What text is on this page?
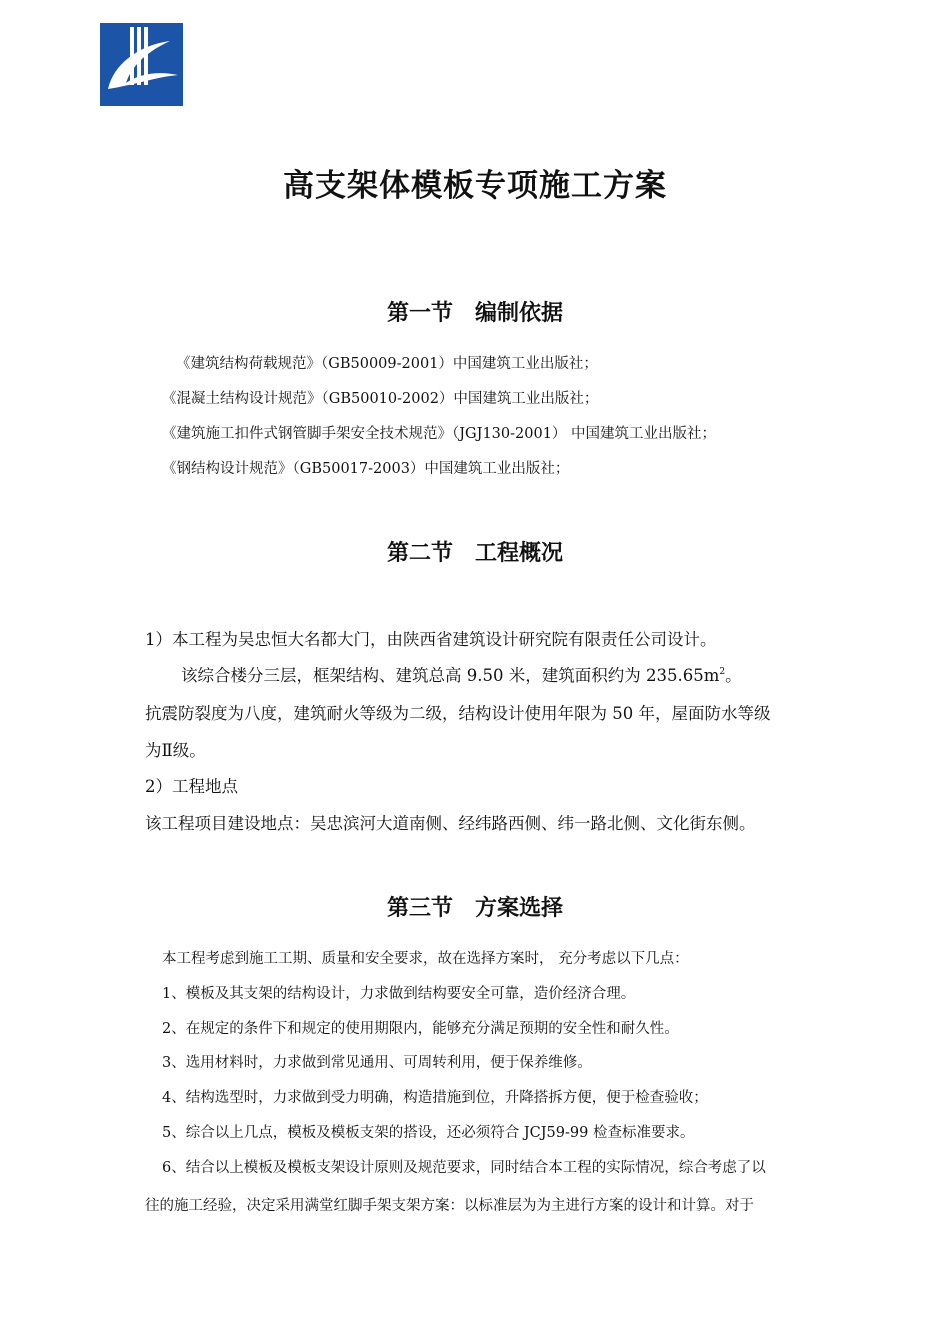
高支架体模板专项施工方案
第一节　编制依据
《建筑结构荷载规范》（GB50009-2001）中国建筑工业出版社；
《混凝土结构设计规范》（GB50010-2002）中国建筑工业出版社；
《建筑施工扣件式钢管脚手架安全技术规范》（JGJ130-2001） 中国建筑工业出版社；
《钢结构设计规范》（GB50017-2003）中国建筑工业出版社；
第二节　工程概况
1）本工程为吴忠恒大名都大门，由陕西省建筑设计研究院有限责任公司设计。
该综合楼分三层，框架结构、建筑总高 9.50 米，建筑面积约为 $235.65m^2$。
抗震防裂度为八度，建筑耐火等级为二级，结构设计使用年限为 50 年，屋面防水等级
为Ⅱ级。
2）工程地点
该工程项目建设地点：吴忠滨河大道南侧、经纬路西侧、纬一路北侧、文化街东侧。
第三节　方案选择
本工程考虑到施工工期、质量和安全要求，故在选择方案时， 充分考虑以下几点：
1、模板及其支架的结构设计，力求做到结构要安全可靠，造价经济合理。
2、在规定的条件下和规定的使用期限内，能够充分满足预期的安全性和耐久性。
3、选用材料时，力求做到常见通用、可周转利用，便于保养维修。
4、结构选型时，力求做到受力明确，构造措施到位，升降搭拆方便，便于检查验收；
5、综合以上几点，模板及模板支架的搭设，还必须符合 JCJ59-99 检查标准要求。
6、结合以上模板及模板支架设计原则及规范要求，同时结合本工程的实际情况，综合考虑了以
往的施工经验，决定采用满堂红脚手架支架方案：以标准层为为主进行方案的设计和计算。对于
